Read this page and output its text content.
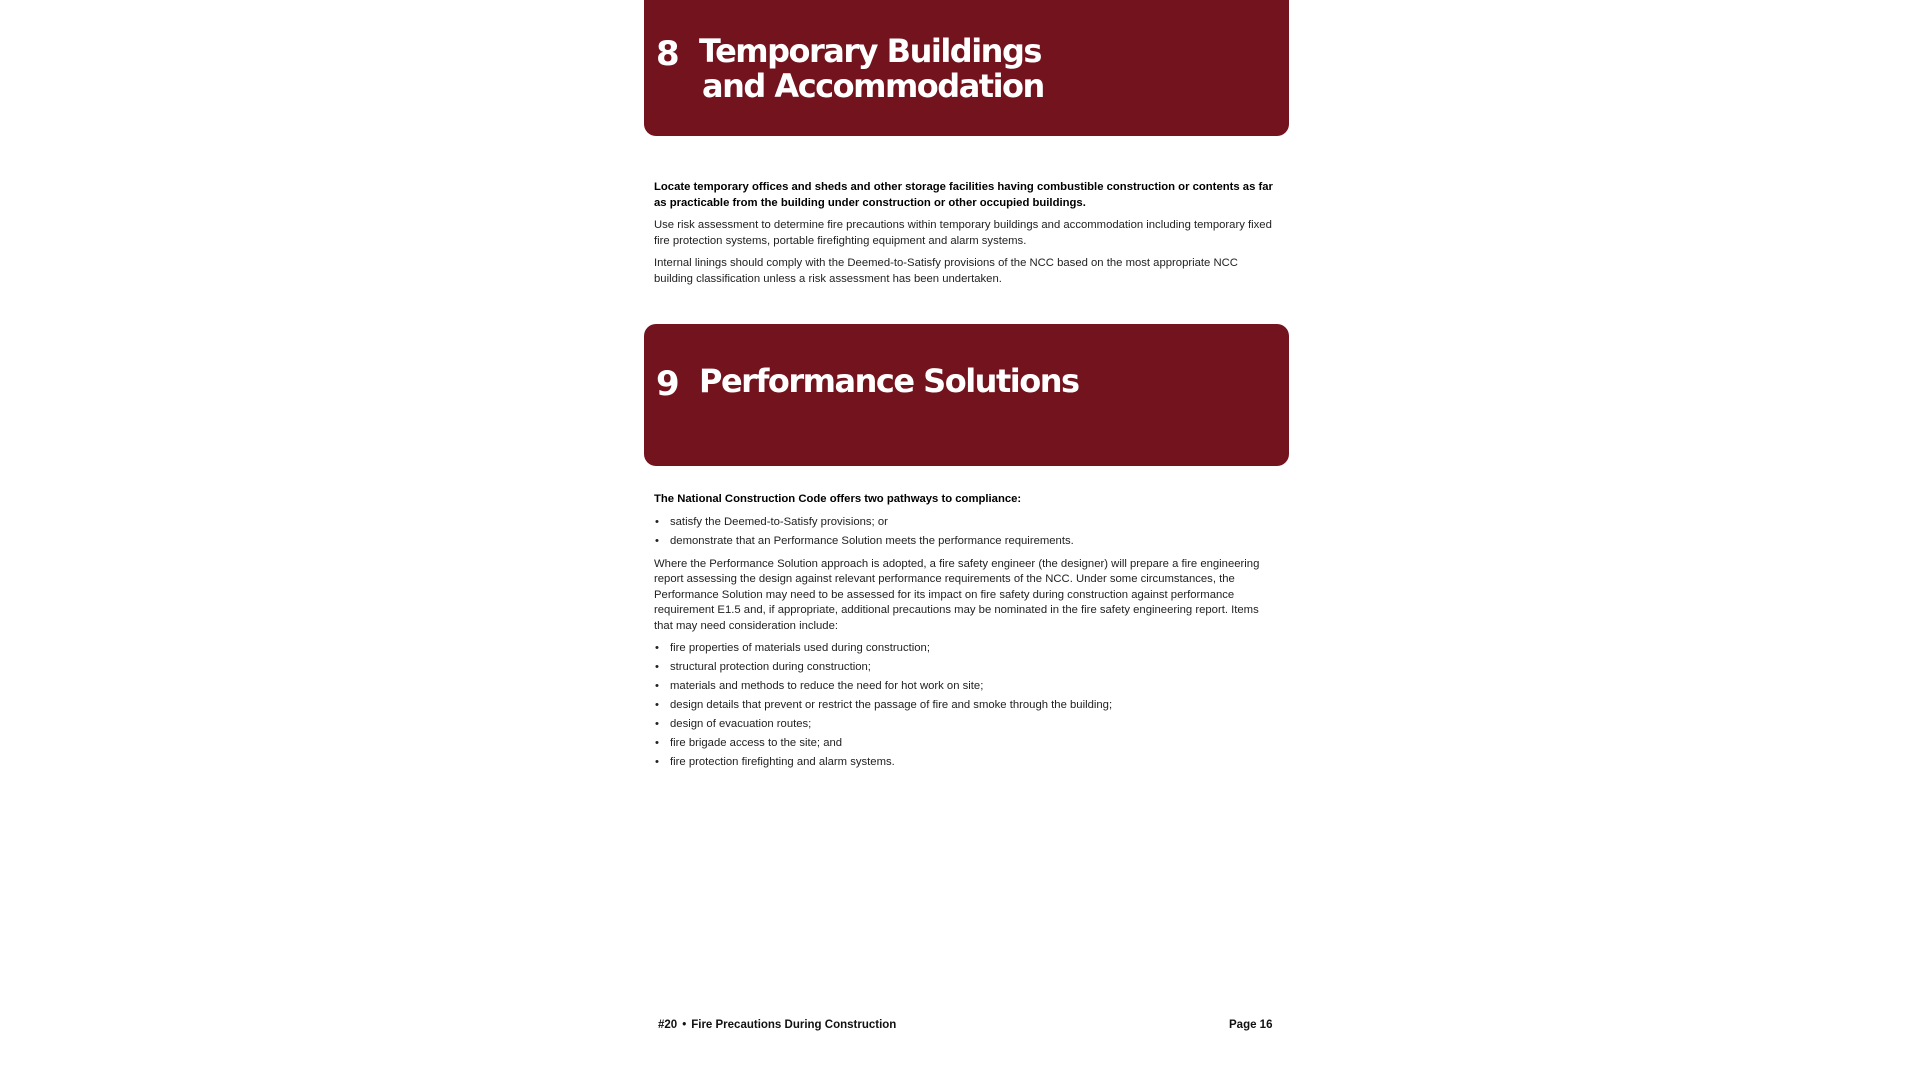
8 Temporary Buildings
and Accommodation

Locate temporary offices and sheds and other storage facilities having combustible construction or contents as far as practicable from the building under construction or other occupied buildings.

Use risk assessment to determine fire precautions within temporary buildings and accommodation including temporary fixed fire protection systems, portable firefighting equipment and alarm systems.

Internal linings should comply with the Deemed-to-Satisfy provisions of the NCC based on the most appropriate NCC building classification unless a risk assessment has been undertaken.

9 Performance Solutions

The National Construction Code offers two pathways to compliance:

• satisfy the Deemed-to-Satisfy provisions; or
• demonstrate that an Performance Solution meets the performance requirements.

Where the Performance Solution approach is adopted, a fire safety engineer (the designer) will prepare a fire engineering report assessing the design against relevant performance requirements of the NCC. Under some circumstances, the Performance Solution may need to be assessed for its impact on fire safety during construction against performance requirement E1.5 and, if appropriate, additional precautions may be nominated in the fire safety engineering report. Items that may need consideration include:

• fire properties of materials used during construction;
• structural protection during construction;
• materials and methods to reduce the need for hot work on site;
• design details that prevent or restrict the passage of fire and smoke through the building;
• design of evacuation routes;
• fire brigade access to the site; and
• fire protection firefighting and alarm systems.
#20 • Fire Precautions During Construction	Page 16
